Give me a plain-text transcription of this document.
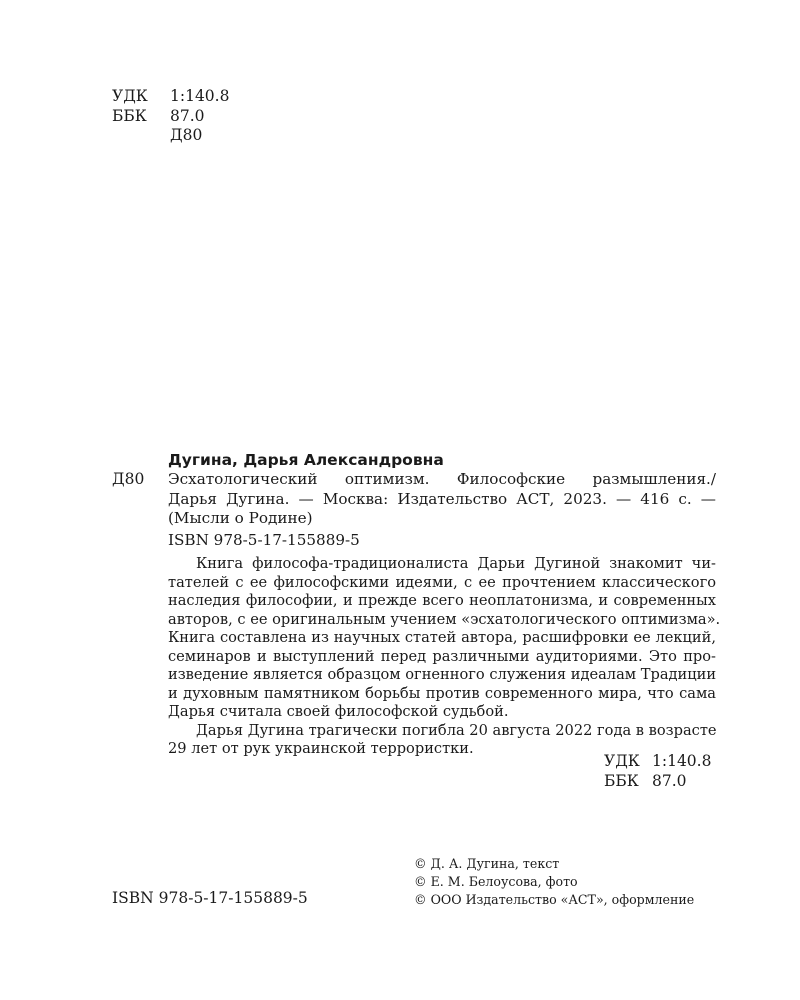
УДК 1:140.8
ББК 87.0
Д80
Дугина, Дарья Александровна
Д80 Эсхатологический оптимизм. Философские размышления./
Дарья Дугина. — Москва: Издательство АСТ, 2023. — 416 с. —
(Мысли о Родине)
ISBN 978-5-17-155889-5
Книга философа-традиционалиста Дарьи Дугиной знакомит чи-
тателей с ее философскими идеями, с ее прочтением классического
наследия философии, и прежде всего неоплатонизма, и современных
авторов, с ее оригинальным учением «эсхатологического оптимизма».
Книга составлена из научных статей автора, расшифровки ее лекций,
семинаров и выступлений перед различными аудиториями. Это про-
изведение является образцом огненного служения идеалам Традиции
и духовным памятником борьбы против современного мира, что сама
Дарья считала своей философской судьбой.
Дарья Дугина трагически погибла 20 августа 2022 года в возрасте
29 лет от рук украинской террористки.
УДК 1:140.8
ББК 87.0
© Д. А. Дугина, текст
© Е. М. Белоусова, фото
© ООО Издательство «АСТ», оформление
ISBN 978-5-17-155889-5
